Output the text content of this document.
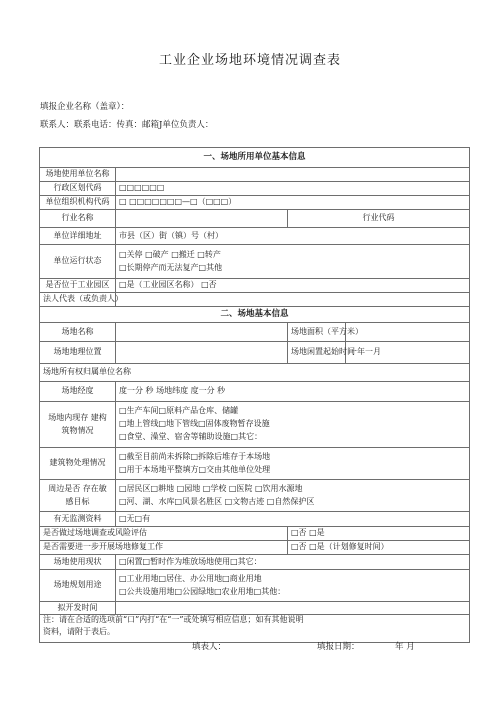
工业企业场地环境情况调查表
填报企业名称（盖章）：
联系人：联系电话：传真：邮箱J单位负责人：
一、场地所用单位基本信息			
场地使用单位名称			
行政区划代码	□□□□□□		
单位组织机构代码	□ □□□□□□□—□（□□□）		
行业名称		行业代码	
单位详细地址	市县（区）街（镇）号（村）		
单位运行状态	□关停 □破产 □搬迁 □转产
□长期停产而无法复产□其他		

是否位于工业园区	□是（工业园区名称） □否		
法人代表（或负责人）			
二、场地基本信息			
场地名称		场地面积（平方米）	
场地地理位置		场地闲置起始时间	一年一月
场地所有权归属单位名称			
场地经度	度一分 秒 场地纬度 度一分 秒		

场地内现存 建构
筑物情况	□生产车间□原料产品仓库、储罐
□地上管线□地下管线□固体废物暂存设施
□食堂、澡堂、宿舍等辅助设施□其它：		

建筑物处理情况	□截至目前尚未拆除□拆除后堆存于本场地
□用于本场地平整填方□交由其他单位处理		

周边是否 存在敏
感目标	□居民区□耕地 □园地 □学校 □医院 □饮用水源地
□河、湖、水库□风景名胜区 □文物古迹 □自然保护区		

有无监测资料	□无□有		
是否做过场地调查或风险评估		□否 □是	
是否需要进一步开展场地修复工作		□否 □是（计划修复时间）	
场地使用现状	□闲置□暂时作为堆放场地使用□其它：		
场地规划用途	□工业用地□居住、办公用地□商业用地
□公共设施用地□公园绿地□农业用地□其他：		

拟开发时间			

注：请在合适的选项前“口”内打“在“一”或处填写相应信息；如有其他说明
资料，请附于表后。			
填表人：	填报日期：	年 月
